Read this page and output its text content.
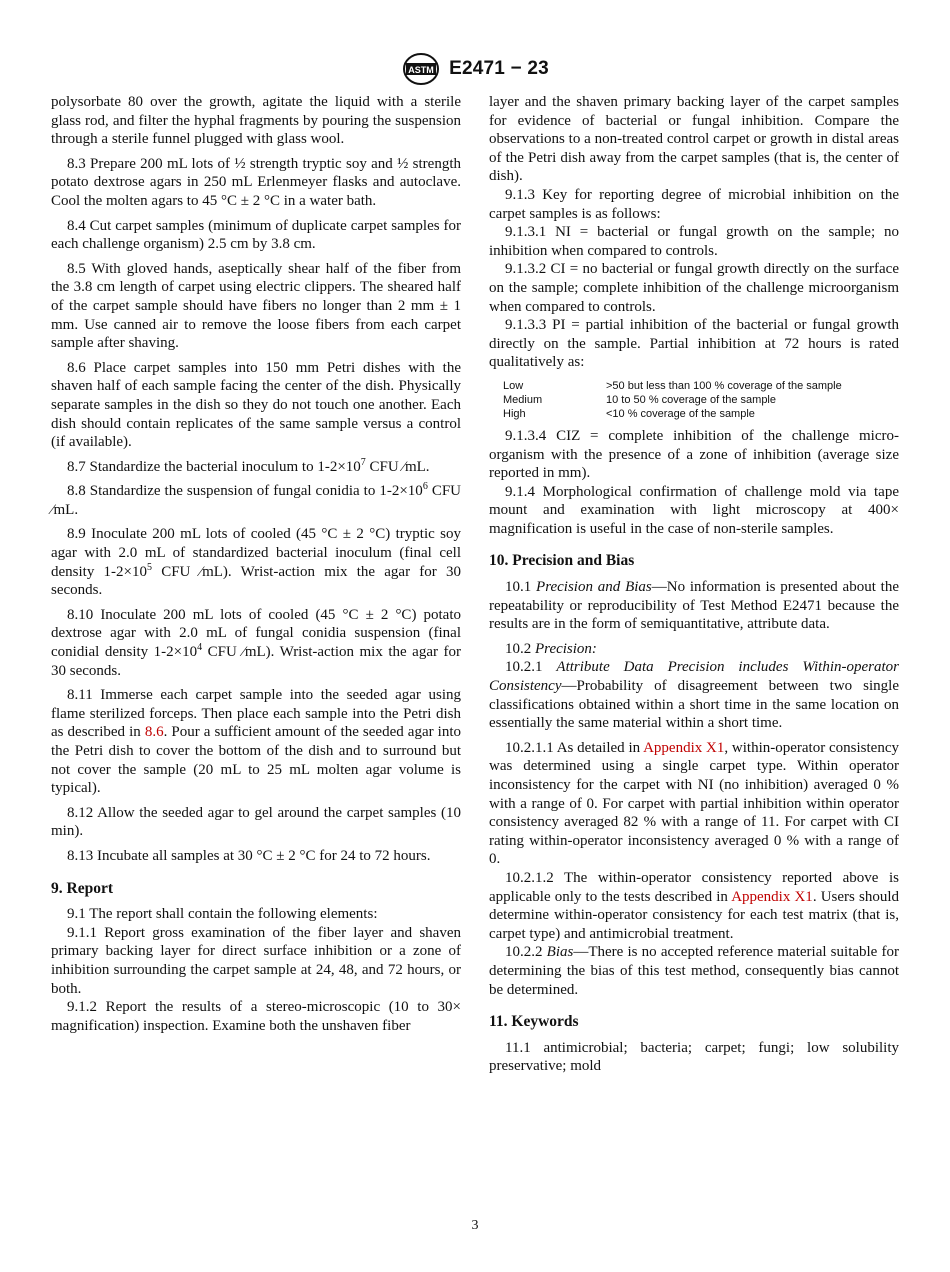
ASTM E2471 − 23

polysorbate 80 over the growth, agitate the liquid with a sterile glass rod, and filter the hyphal fragments by pouring the suspension through a sterile funnel plugged with glass wool.

8.3 Prepare 200 mL lots of ½ strength tryptic soy and ½ strength potato dextrose agars in 250 mL Erlenmeyer flasks and autoclave. Cool the molten agars to 45 °C ± 2 °C in a water bath.

8.4 Cut carpet samples (minimum of duplicate carpet samples for each challenge organism) 2.5 cm by 3.8 cm.

8.5 With gloved hands, aseptically shear half of the fiber from the 3.8 cm length of carpet using electric clippers. The sheared half of the carpet sample should have fibers no longer than 2 mm ± 1 mm. Use canned air to remove the loose fibers from each carpet sample after shaving.

8.6 Place carpet samples into 150 mm Petri dishes with the shaven half of each sample facing the center of the dish. Physically separate samples in the dish so they do not touch one another. Each dish should contain replicates of the same sample versus a control (if available).

8.7 Standardize the bacterial inoculum to $1-2\times 10^7$ CFU ⁄mL.

8.8 Standardize the suspension of fungal conidia to $1-2\times 10^6$ CFU ⁄mL.

8.9 Inoculate 200 mL lots of cooled (45 °C ± 2 °C) tryptic soy agar with 2.0 mL of standardized bacterial inoculum (final cell density $1-2\times 10^5$ CFU ⁄mL). Wrist-action mix the agar for 30 seconds.

8.10 Inoculate 200 mL lots of cooled (45 °C ± 2 °C) potato dextrose agar with 2.0 mL of fungal conidia suspension (final conidial density $1-2\times 10^4$ CFU ⁄mL). Wrist-action mix the agar for 30 seconds.

8.11 Immerse each carpet sample into the seeded agar using flame sterilized forceps. Then place each sample into the Petri dish as described in 8.6. Pour a sufficient amount of the seeded agar into the Petri dish to cover the bottom of the dish and to surround but not cover the sample (20 mL to 25 mL molten agar volume is typical).

8.12 Allow the seeded agar to gel around the carpet samples (10 min).

8.13 Incubate all samples at 30 °C ± 2 °C for 24 to 72 hours.

9. Report

9.1 The report shall contain the following elements:

9.1.1 Report gross examination of the fiber layer and shaven primary backing layer for direct surface inhibition or a zone of inhibition surrounding the carpet sample at 24, 48, and 72 hours, or both.

9.1.2 Report the results of a stereo-microscopic (10 to 30× magnification) inspection. Examine both the unshaven fiber

layer and the shaven primary backing layer of the carpet samples for evidence of bacterial or fungal inhibition. Compare the observations to a non-treated control carpet or growth in distal areas of the Petri dish away from the carpet samples (that is, the center of dish).

9.1.3 Key for reporting degree of microbial inhibition on the carpet samples is as follows:

9.1.3.1 NI = bacterial or fungal growth on the sample; no inhibition when compared to controls.

9.1.3.2 CI = no bacterial or fungal growth directly on the surface on the sample; complete inhibition of the challenge microorganism when compared to controls.

9.1.3.3 PI = partial inhibition of the bacterial or fungal growth directly on the sample. Partial inhibition at 72 hours is rated qualitatively as:

Low	>50 but less than 100 % coverage of the sample
Medium	10 to 50 % coverage of the sample
High	<10 % coverage of the sample

9.1.3.4 CIZ = complete inhibition of the challenge micro-organism with the presence of a zone of inhibition (average size reported in mm).

9.1.4 Morphological confirmation of challenge mold via tape mount and examination with light microscopy at 400× magnification is useful in the case of non-sterile samples.

10. Precision and Bias

10.1 Precision and Bias—No information is presented about the repeatability or reproducibility of Test Method E2471 because the results are in the form of semiquantitative, attribute data.

10.2 Precision:

10.2.1 Attribute Data Precision includes Within-operator Consistency—Probability of disagreement between two single classifications obtained within a short time in the same location on essentially the same material within a short time.

10.2.1.1 As detailed in Appendix X1, within-operator consistency was determined using a single carpet type. Within operator inconsistency for the carpet with NI (no inhibition) averaged 0 % with a range of 0. For carpet with partial inhibition within operator consistency averaged 82 % with a range of 11. For carpet with CI rating within-operator inconsistency averaged 0 % with a range of 0.

10.2.1.2 The within-operator consistency reported above is applicable only to the tests described in Appendix X1. Users should determine within-operator consistency for each test matrix (that is, carpet type) and antimicrobial treatment.

10.2.2 Bias—There is no accepted reference material suitable for determining the bias of this test method, consequently bias cannot be determined.

11. Keywords

11.1 antimicrobial; bacteria; carpet; fungi; low solubility preservative; mold

3
